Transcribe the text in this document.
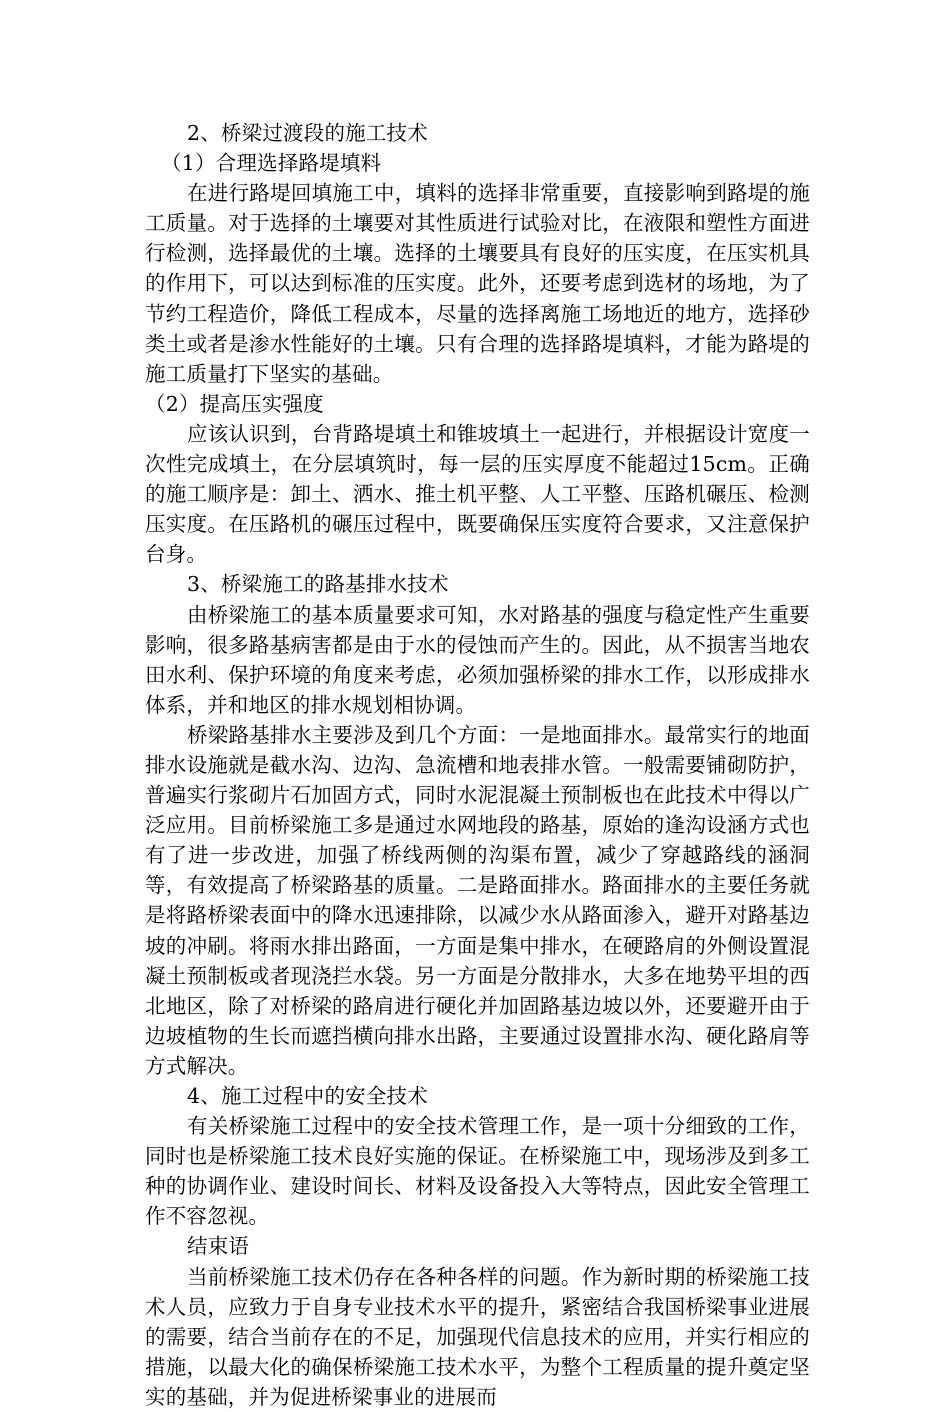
2、桥梁过渡段的施工技术

（1）合理选择路堤填料

在进行路堤回填施工中，填料的选择非常重要，直接影响到路堤的施工质量。对于选择的土壤要对其性质进行试验对比，在液限和塑性方面进行检测，选择最优的土壤。选择的土壤要具有良好的压实度，在压实机具的作用下，可以达到标准的压实度。此外，还要考虑到选材的场地，为了节约工程造价，降低工程成本，尽量的选择离施工场地近的地方，选择砂类土或者是渗水性能好的土壤。只有合理的选择路堤填料，才能为路堤的施工质量打下坚实的基础。

（2）提高压实强度

应该认识到，台背路堤填土和锥坡填土一起进行，并根据设计宽度一次性完成填土，在分层填筑时，每一层的压实厚度不能超过15cm。正确的施工顺序是：卸土、洒水、推土机平整、人工平整、压路机碾压、检测压实度。在压路机的碾压过程中，既要确保压实度符合要求，又注意保护台身。

3、桥梁施工的路基排水技术

由桥梁施工的基本质量要求可知，水对路基的强度与稳定性产生重要影响，很多路基病害都是由于水的侵蚀而产生的。因此，从不损害当地农田水利、保护环境的角度来考虑，必须加强桥梁的排水工作，以形成排水体系，并和地区的排水规划相协调。

桥梁路基排水主要涉及到几个方面：一是地面排水。最常实行的地面排水设施就是截水沟、边沟、急流槽和地表排水管。一般需要铺砌防护，普遍实行浆砌片石加固方式，同时水泥混凝土预制板也在此技术中得以广泛应用。目前桥梁施工多是通过水网地段的路基，原始的逢沟设涵方式也有了进一步改进，加强了桥线两侧的沟渠布置，减少了穿越路线的涵洞等，有效提高了桥梁路基的质量。二是路面排水。路面排水的主要任务就是将路桥梁表面中的降水迅速排除，以减少水从路面渗入，避开对路基边坡的冲刷。将雨水排出路面，一方面是集中排水，在硬路肩的外侧设置混凝土预制板或者现浇拦水袋。另一方面是分散排水，大多在地势平坦的西北地区，除了对桥梁的路肩进行硬化并加固路基边坡以外，还要避开由于边坡植物的生长而遮挡横向排水出路，主要通过设置排水沟、硬化路肩等方式解决。

4、施工过程中的安全技术

有关桥梁施工过程中的安全技术管理工作，是一项十分细致的工作，同时也是桥梁施工技术良好实施的保证。在桥梁施工中，现场涉及到多工种的协调作业、建设时间长、材料及设备投入大等特点，因此安全管理工作不容忽视。

结束语

当前桥梁施工技术仍存在各种各样的问题。作为新时期的桥梁施工技术人员，应致力于自身专业技术水平的提升，紧密结合我国桥梁事业进展的需要，结合当前存在的不足，加强现代信息技术的应用，并实行相应的措施，以最大化的确保桥梁施工技术水平，为整个工程质量的提升奠定坚实的基础，并为促进桥梁事业的进展而
